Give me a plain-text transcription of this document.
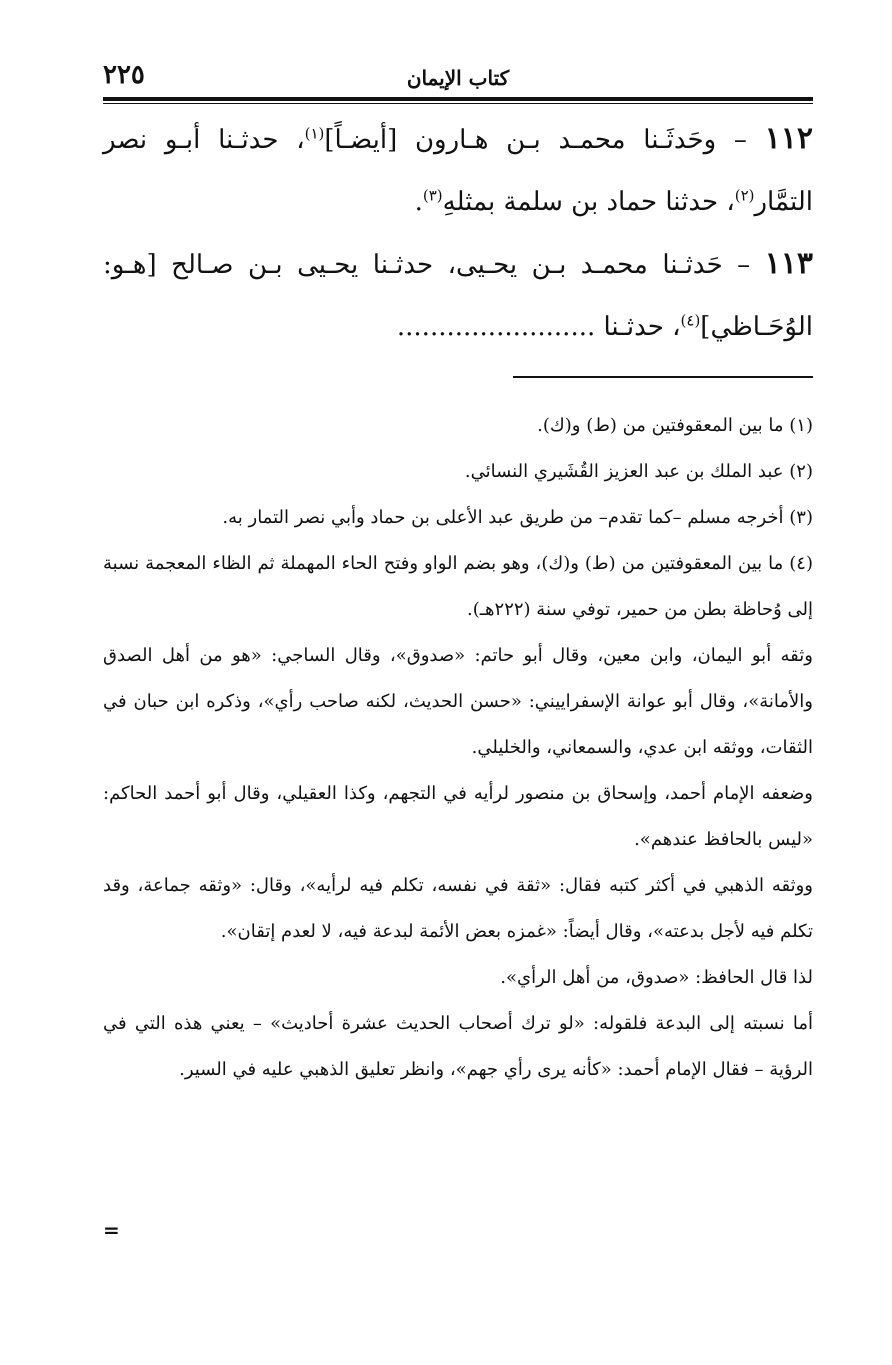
٢٢٥	كتاب الإيمان

١١٢ – وحَدثَـنا محمـد بـن هـارون [أيضـاً]$^{(١)}$، حدثـنا أبـو نصر التمَّار$^{(٢)}$، حدثنا حماد بن سلمة بمثلهِ$^{(٣)}$.

١١٣ – حَدثـنا محمـد بـن يحـيى، حدثـنا يحـيى بـن صـالح [هـو: الوُحَـاظي]$^{(٤)}$، حدثـنا ........................

(١) ما بين المعقوفتين من (ط) و(ك).

(٢) عبد الملك بن عبد العزيز القُشَيري النسائي.

(٣) أخرجه مسلم –كما تقدم– من طريق عبد الأعلى بن حماد وأبي نصر التمار به.

(٤) ما بين المعقوفتين من (ط) و(ك)، وهو بضم الواو وفتح الحاء المهملة ثم الظاء المعجمة نسبة إلى وُحاظة بطن من حمير، توفي سنة (٢٢٢هـ).

وثقه أبو اليمان، وابن معين، وقال أبو حاتم: «صدوق»، وقال الساجي: «هو من أهل الصدق والأمانة»، وقال أبو عوانة الإسفراييني: «حسن الحديث، لكنه صاحب رأي»، وذكره ابن حبان في الثقات، ووثقه ابن عدي، والسمعاني، والخليلي.

وضعفه الإمام أحمد، وإسحاق بن منصور لرأيه في التجهم، وكذا العقيلي، وقال أبو أحمد الحاكم: «ليس بالحافظ عندهم».

ووثقه الذهبي في أكثر كتبه فقال: «ثقة في نفسه، تكلم فيه لرأيه»، وقال: «وثقه جماعة، وقد تكلم فيه لأجل بدعته»، وقال أيضاً: «غمزه بعض الأئمة لبدعة فيه، لا لعدم إتقان».

لذا قال الحافظ: «صدوق، من أهل الرأي».

أما نسبته إلى البدعة فلقوله: «لو ترك أصحاب الحديث عشرة أحاديث» – يعني هذه التي في الرؤية – فقال الإمام أحمد: «كأنه يرى رأي جهم»، وانظر تعليق الذهبي عليه في السير.

=
